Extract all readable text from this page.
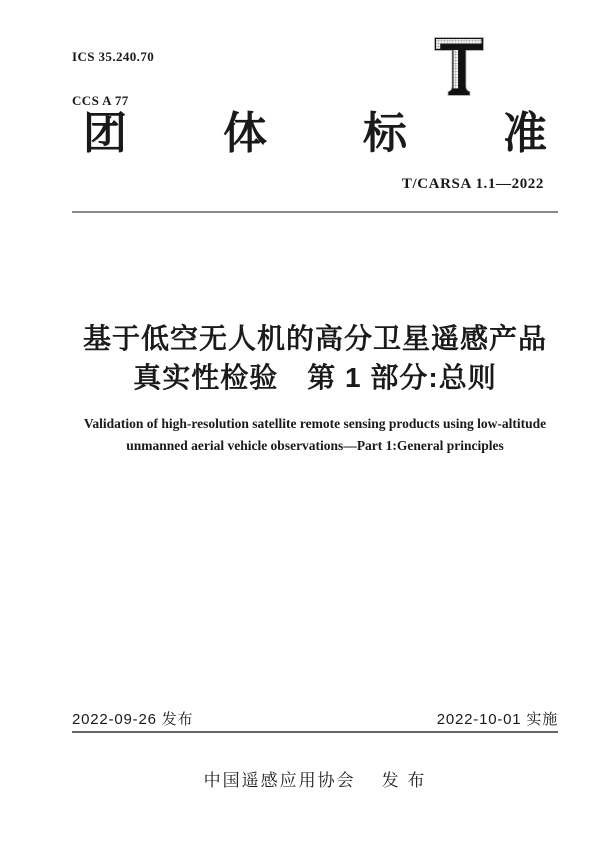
ICS 35.240.70

CCS A 77

团 体 标 准
T/CARSA 1.1—2022
基于低空无人机的高分卫星遥感产品
真实性检验　第 1 部分:总则
Validation of high-resolution satellite remote sensing products using low-altitude
unmanned aerial vehicle observations—Part 1:General principles
2022-09-26 发布	2022-10-01 实施
中国遥感应用协会 发 布
